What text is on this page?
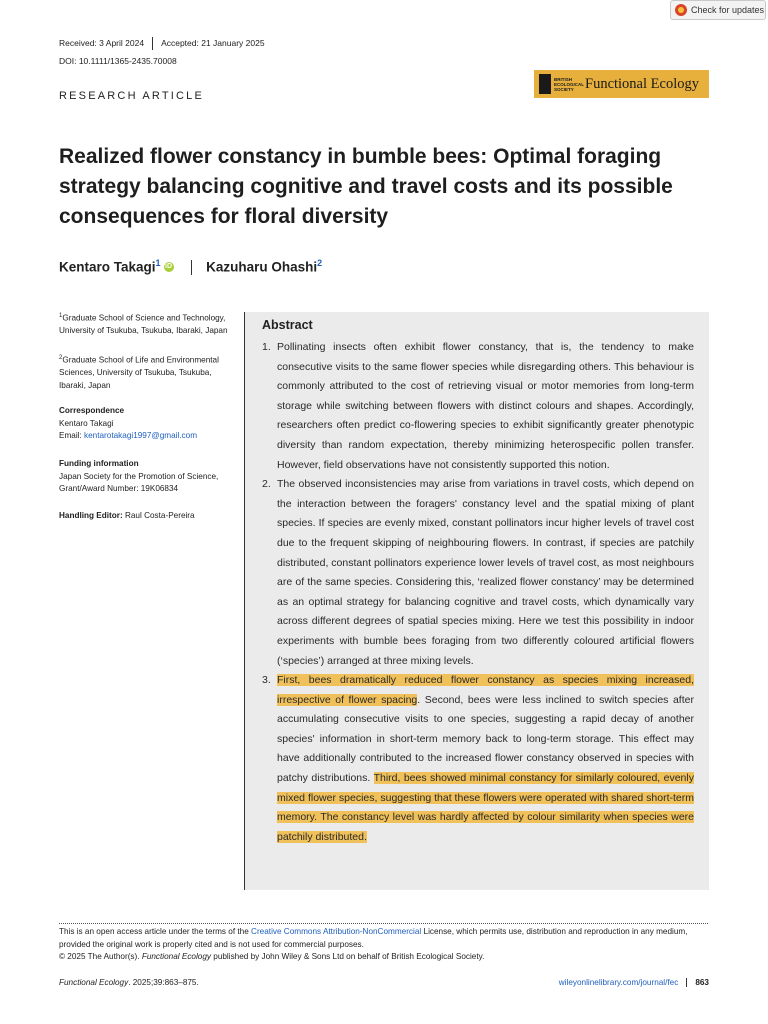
Check for updates
Received: 3 April 2024 Accepted: 21 January 2025
DOI: 10.1111/1365-2435.70008
RESEARCH ARTICLE
BRITISH
ECOLOGICAL
SOCIETY Functional Ecology
Realized flower constancy in bumble bees: Optimal foraging strategy balancing cognitive and travel costs and its possible consequences for floral diversity
Kentaro Takagi$^1$ iD	Kazuharu Ohashi$^2$
$^1$Graduate School of Science and Technology, University of Tsukuba, Tsukuba, Ibaraki, Japan
$^2$Graduate School of Life and Environmental Sciences, University of Tsukuba, Tsukuba, Ibaraki, Japan
Correspondence
Kentaro Takagi
Email: kentarotakagi1997@gmail.com
Funding information
Japan Society for the Promotion of Science, Grant/Award Number: 19K06834
Handling Editor: Raul Costa-Pereira
Abstract
1. Pollinating insects often exhibit flower constancy, that is, the tendency to make consecutive visits to the same flower species while disregarding others. This behaviour is commonly attributed to the cost of retrieving visual or motor memories from long-term storage while switching between flowers with distinct colours and shapes. Accordingly, researchers often predict co-flowering species to exhibit significantly greater phenotypic diversity than random expectation, thereby minimizing heterospecific pollen transfer. However, field observations have not consistently supported this notion.
2. The observed inconsistencies may arise from variations in travel costs, which depend on the interaction between the foragers' constancy level and the spatial mixing of plant species. If species are evenly mixed, constant pollinators incur higher levels of travel cost due to the frequent skipping of neighbouring flowers. In contrast, if species are patchily distributed, constant pollinators experience lower levels of travel cost, as most neighbours are of the same species. Considering this, ‘realized flower constancy’ may be determined as an optimal strategy for balancing cognitive and travel costs, which dynamically vary across different degrees of spatial species mixing. Here we test this possibility in indoor experiments with bumble bees foraging from two differently coloured artificial flowers (‘species’) arranged at three mixing levels.
3. First, bees dramatically reduced flower constancy as species mixing increased, irrespective of flower spacing. Second, bees were less inclined to switch species after accumulating consecutive visits to one species, suggesting a rapid decay of another species' information in short-term memory back to long-term storage. This effect may have additionally contributed to the increased flower constancy observed in species with patchy distributions. Third, bees showed minimal constancy for similarly coloured, evenly mixed flower species, suggesting that these flowers were operated with shared short-term memory. The constancy level was hardly affected by colour similarity when species were patchily distributed.
This is an open access article under the terms of the Creative Commons Attribution-NonCommercial License, which permits use, distribution and reproduction in any medium, provided the original work is properly cited and is not used for commercial purposes.
© 2025 The Author(s). Functional Ecology published by John Wiley & Sons Ltd on behalf of British Ecological Society.
Functional Ecology. 2025;39:863–875.	wileyonlinelibrary.com/journal/fec	863
